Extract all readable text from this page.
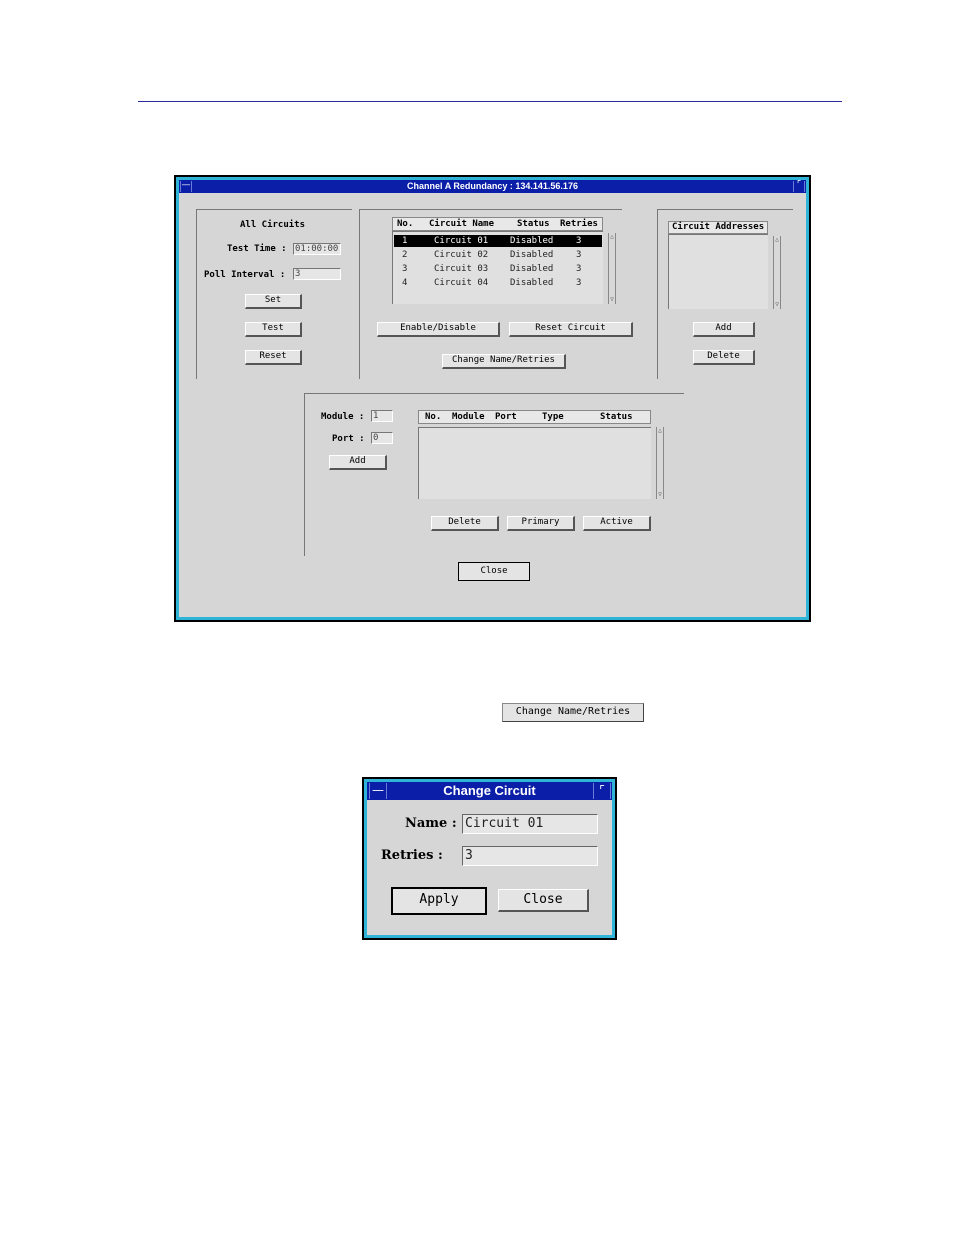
Channel A Redundancy : 134.141.56.176
—	⌜
All Circuits
Test Time : 01:00:00
Poll Interval : 3
Set
Test
Reset
No. Circuit Name	Status Retries
1	Circuit 01 Disabled	3
2	Circuit 02 Disabled	3
3	Circuit 03 Disabled	3
4	Circuit 04 Disabled	3
△
▽
Enable/Disable	Reset Circuit
Change Name/Retries
Circuit Addresses
△
▽
Add
Delete
Module : 1
Port : 0
Add
No. Module Port	Type	Status
△
▽
Delete	Primary	Active
Close
Change Name/Retries
Change Circuit
—	⌜
Name : Circuit 01
Retries : 3
Apply	Close
